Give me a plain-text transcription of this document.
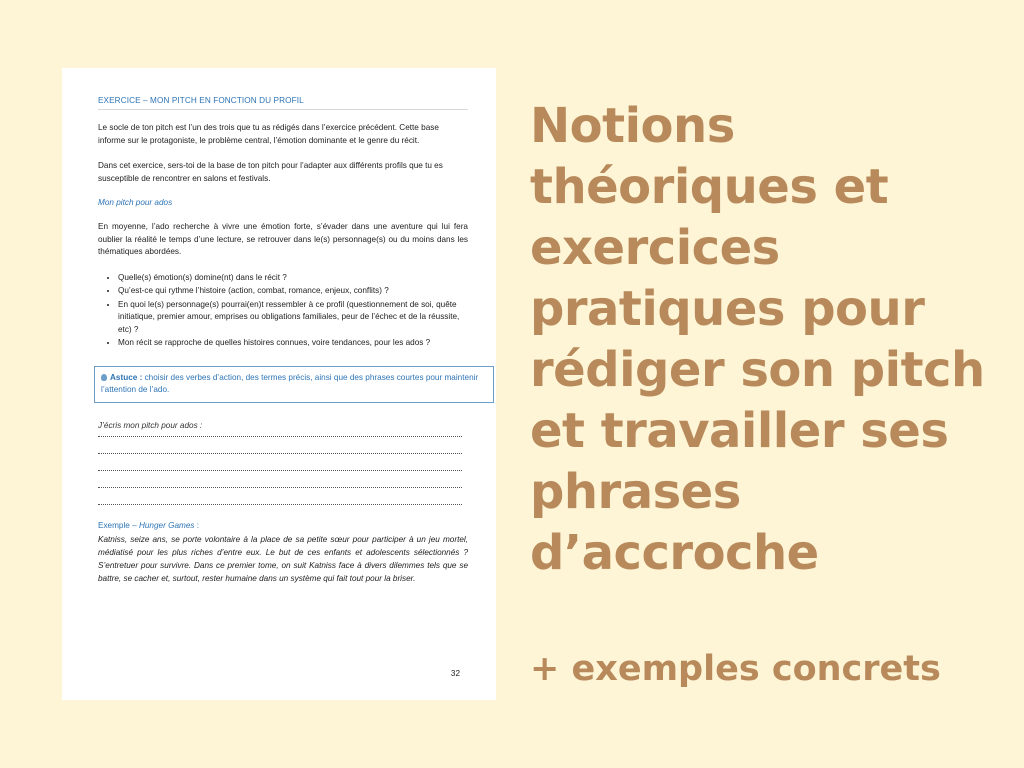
EXERCICE – MON PITCH EN FONCTION DU PROFIL

Le socle de ton pitch est l’un des trois que tu as rédigés dans l’exercice précédent. Cette base informe sur le protagoniste, le problème central, l’émotion dominante et le genre du récit.

Dans cet exercice, sers-toi de la base de ton pitch pour l’adapter aux différents profils que tu es susceptible de rencontrer en salons et festivals.

Mon pitch pour ados

En moyenne, l’ado recherche à vivre une émotion forte, s’évader dans une aventure qui lui fera oublier la réalité le temps d’une lecture, se retrouver dans le(s) personnage(s) ou du moins dans les thématiques abordées.

• Quelle(s) émotion(s) domine(nt) dans le récit ?
• Qu’est-ce qui rythme l’histoire (action, combat, romance, enjeux, conflits) ?
• En quoi le(s) personnage(s) pourrai(en)t ressembler à ce profil (questionnement de soi, quête initiatique, premier amour, emprises ou obligations familiales, peur de l’échec et de la réussite, etc) ?
• Mon récit se rapproche de quelles histoires connues, voire tendances, pour les ados ?
Astuce : choisir des verbes d’action, des termes précis, ainsi que des phrases courtes pour maintenir l’attention de l’ado.
J’écris mon pitch pour ados :
Exemple – Hunger Games :
Katniss, seize ans, se porte volontaire à la place de sa petite sœur pour participer à un jeu mortel, médiatisé pour les plus riches d’entre eux. Le but de ces enfants et adolescents sélectionnés ? S’entretuer pour survivre. Dans ce premier tome, on suit Katniss face à divers dilemmes tels que se battre, se cacher et, surtout, rester humaine dans un système qui fait tout pour la briser.
32
Notions
théoriques et
exercices
pratiques pour
rédiger son pitch
et travailler ses
phrases
d’accroche
+ exemples concrets
